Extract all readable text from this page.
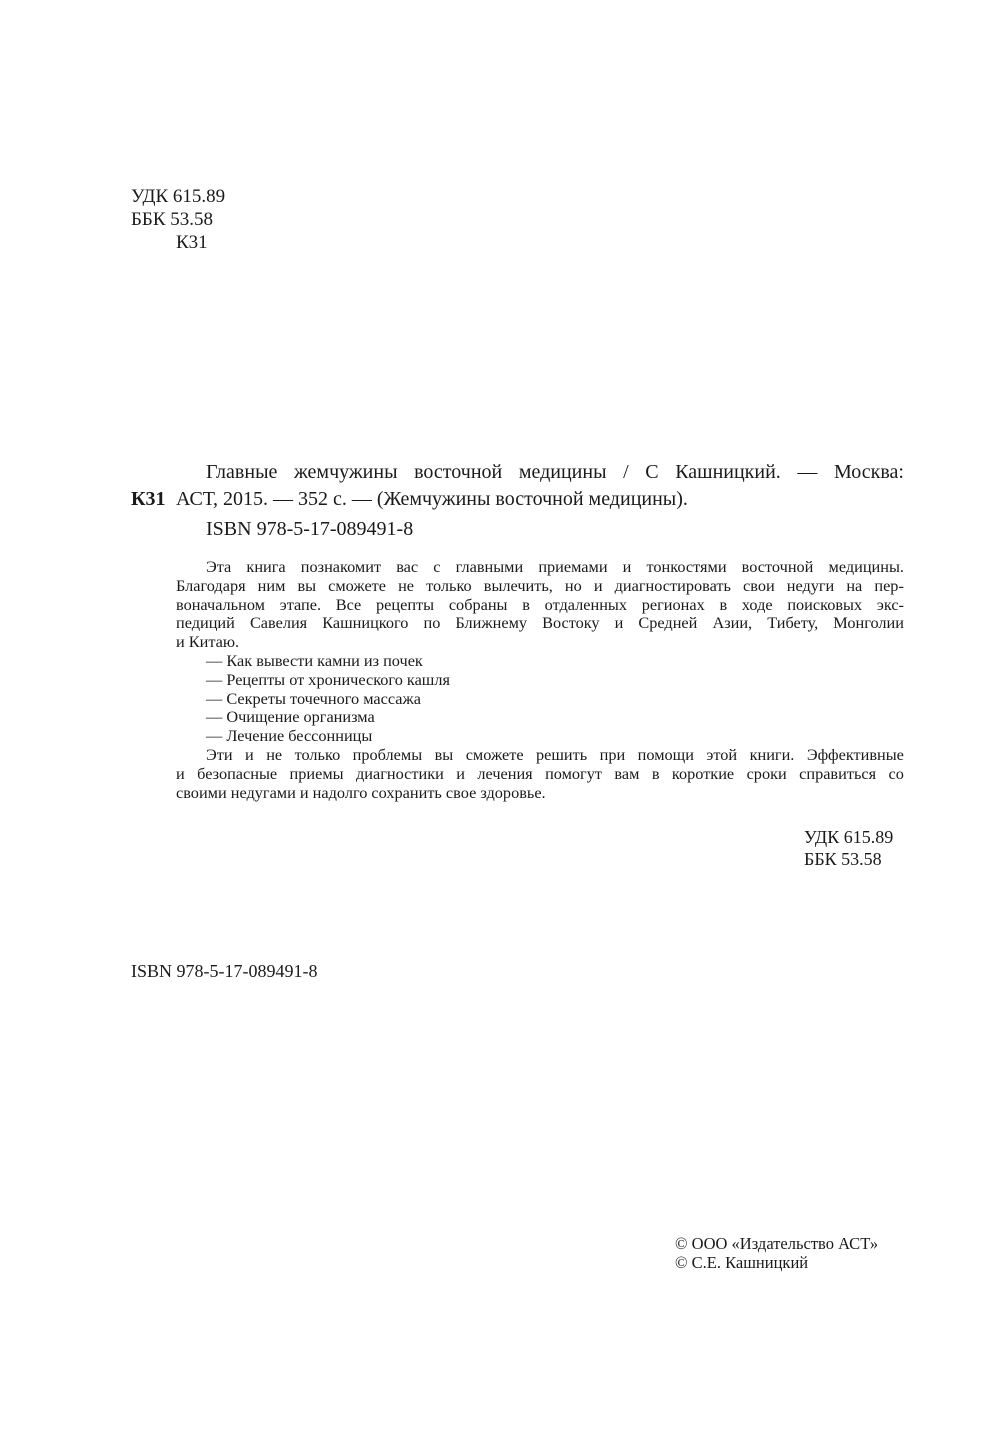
УДК 615.89
ББК 53.58
К31
Главные жемчужины восточной медицины / С Кашницкий. — Москва:
К31 АСТ, 2015. — 352 с. — (Жемчужины восточной медицины).
ISBN 978-5-17-089491-8
Эта книга познакомит вас с главными приемами и тонкостями восточной медицины.
Благодаря ним вы сможете не только вылечить, но и диагностировать свои недуги на пер-
воначальном этапе. Все рецепты собраны в отдаленных регионах в ходе поисковых экс-
педиций Савелия Кашницкого по Ближнему Востоку и Средней Азии, Тибету, Монголии
и Китаю.
— Как вывести камни из почек
— Рецепты от хронического кашля
— Секреты точечного массажа
— Очищение организма
— Лечение бессонницы
Эти и не только проблемы вы сможете решить при помощи этой книги. Эффективные
и безопасные приемы диагностики и лечения помогут вам в короткие сроки справиться со
своими недугами и надолго сохранить свое здоровье.
УДК 615.89
ББК 53.58
ISBN 978-5-17-089491-8
© ООО «Издательство АСТ»
© С.Е. Кашницкий
